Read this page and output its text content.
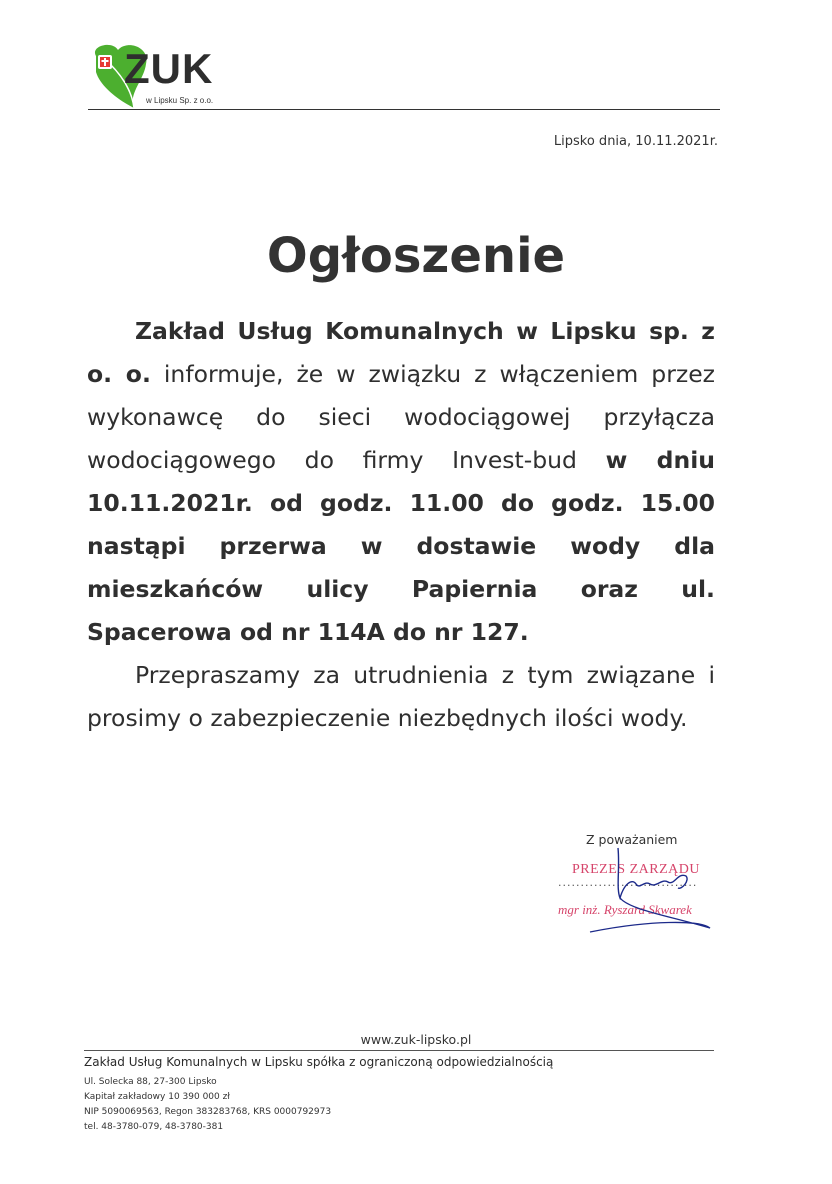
ZUK
w Lipsku Sp. z o.o.
Lipsko dnia, 10.11.2021r.
Ogłoszenie

Zakład Usług Komunalnych w Lipsku sp. z o. o. informuje, że w związku z włączeniem przez wykonawcę do sieci wodociągowej przyłącza wodociągowego do firmy Invest-bud w dniu 10.11.2021r. od godz. 11.00 do godz. 15.00 nastąpi przerwa w dostawie wody dla mieszkańców ulicy Papiernia oraz ul. Spacerowa od nr 114A do nr 127.

Przepraszamy za utrudnienia z tym związane i prosimy o zabezpieczenie niezbędnych ilości wody.

Z poważaniem
PREZES ZARZĄDU
...............................
mgr inż. Ryszard Skwarek
www.zuk-lipsko.pl
Zakład Usług Komunalnych w Lipsku spółka z ograniczoną odpowiedzialnością
Ul. Solecka 88, 27-300 Lipsko
Kapitał zakładowy 10 390 000 zł
NIP 5090069563, Regon 383283768, KRS 0000792973
tel. 48-3780-079, 48-3780-381
